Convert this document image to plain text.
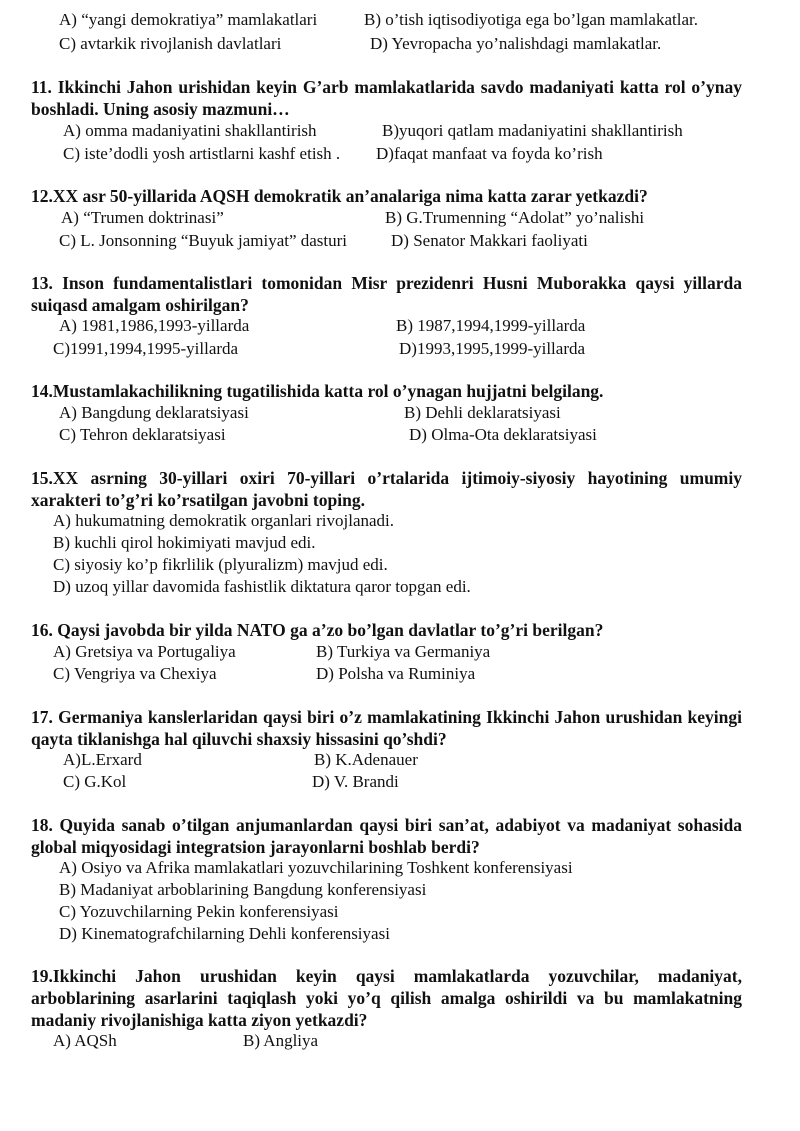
A) “yangi demokratiya” mamlakatlari	B) o’tish iqtisodiyotiga ega bo’lgan mamlakatlar.
C) avtarkik rivojlanish davlatlari	D) Yevropacha yo’nalishdagi mamlakatlar.
11. Ikkinchi Jahon urishidan keyin G’arb mamlakatlarida savdo madaniyati katta rol o’ynay boshladi. Uning asosiy mazmuni…
A) omma madaniyatini shakllantirish	B)yuqori qatlam madaniyatini shakllantirish
C) iste’dodli yosh artistlarni kashf etish . D)faqat manfaat va foyda ko’rish
12.XX asr 50-yillarida AQSH demokratik an’analariga nima katta zarar yetkazdi?
A) “Trumen doktrinasi”	B) G.Trumenning “Adolat” yo’nalishi
C) L. Jonsonning “Buyuk jamiyat” dasturi	D) Senator Makkari faoliyati
13. Inson fundamentalistlari tomonidan Misr prezidenri Husni Muborakka qaysi yillarda suiqasd amalgam oshirilgan?
A) 1981,1986,1993-yillarda	B) 1987,1994,1999-yillarda
C)1991,1994,1995-yillarda	D)1993,1995,1999-yillarda
14.Mustamlakachilikning tugatilishida katta rol o’ynagan hujjatni belgilang.
A) Bangdung deklaratsiyasi	B) Dehli deklaratsiyasi
C) Tehron deklaratsiyasi	D) Olma-Ota deklaratsiyasi
15.XX asrning 30-yillari oxiri 70-yillari o’rtalarida ijtimoiy-siyosiy hayotining umumiy xarakteri to’g’ri ko’rsatilgan javobni toping.
A) hukumatning demokratik organlari rivojlanadi.
B) kuchli qirol hokimiyati mavjud edi.
C) siyosiy ko’p fikrlilik (plyuralizm) mavjud edi.
D) uzoq yillar davomida fashistlik diktatura qaror topgan edi.
16. Qaysi javobda bir yilda NATO ga a’zo bo’lgan davlatlar to’g’ri berilgan?
A) Gretsiya va Portugaliya	B) Turkiya va Germaniya
C) Vengriya va Chexiya	D) Polsha va Ruminiya
17. Germaniya kanslerlaridan qaysi biri o’z mamlakatining Ikkinchi Jahon urushidan keyingi qayta tiklanishga hal qiluvchi shaxsiy hissasini qo’shdi?
A)L.Erxard	B) K.Adenauer
C) G.Kol	D) V. Brandi
18. Quyida sanab o’tilgan anjumanlardan qaysi biri san’at, adabiyot va madaniyat sohasida global miqyosidagi integratsion jarayonlarni boshlab berdi?
A) Osiyo va Afrika mamlakatlari yozuvchilarining Toshkent konferensiyasi
B) Madaniyat arboblarining Bangdung konferensiyasi
C) Yozuvchilarning Pekin konferensiyasi
D) Kinematografchilarning Dehli konferensiyasi
19.Ikkinchi Jahon urushidan keyin qaysi mamlakatlarda yozuvchilar, madaniyat, arboblarining asarlarini taqiqlash yoki yo’q qilish amalga oshirildi va bu mamlakatning madaniy rivojlanishiga katta ziyon yetkazdi?
A) AQSh	B) Angliya
